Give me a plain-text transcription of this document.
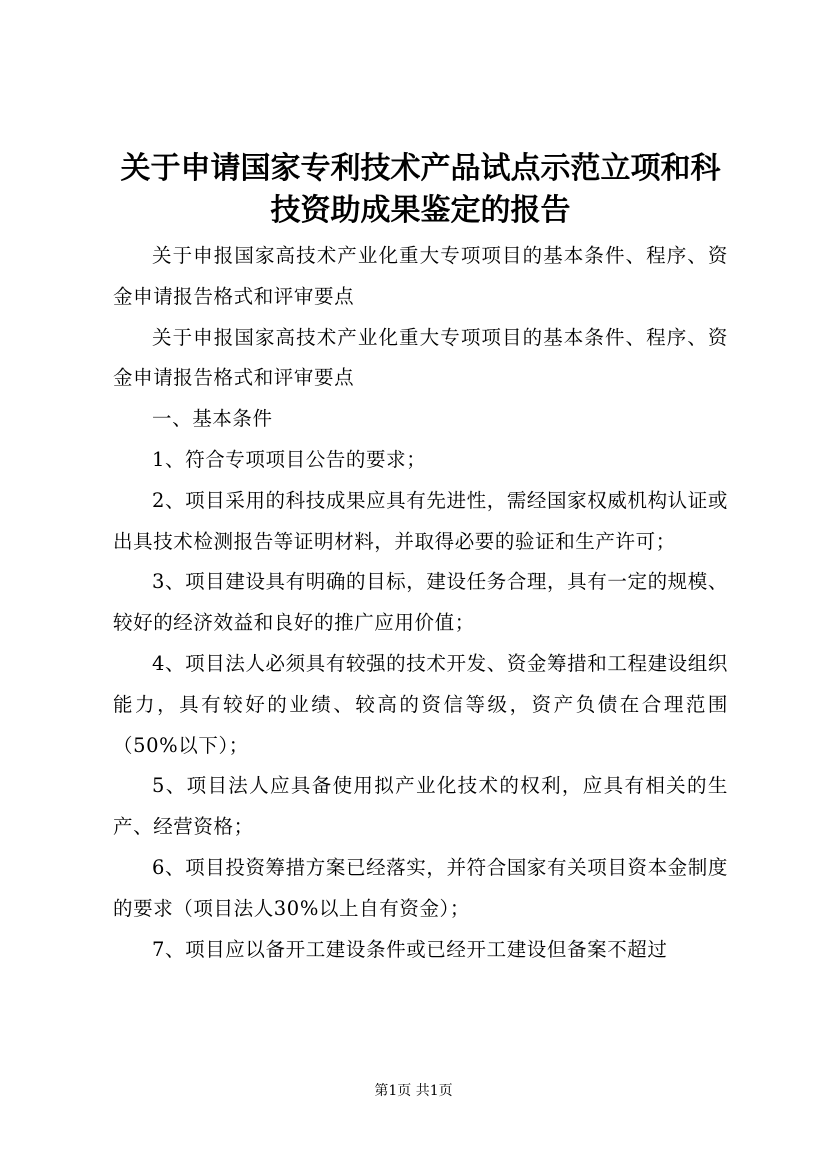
关于申请国家专利技术产品试点示范立项和科技资助成果鉴定的报告

关于申报国家高技术产业化重大专项项目的基本条件、程序、资金申请报告格式和评审要点

关于申报国家高技术产业化重大专项项目的基本条件、程序、资金申请报告格式和评审要点

一、基本条件

1、符合专项项目公告的要求；

2、项目采用的科技成果应具有先进性，需经国家权威机构认证或出具技术检测报告等证明材料，并取得必要的验证和生产许可；

3、项目建设具有明确的目标，建设任务合理，具有一定的规模、较好的经济效益和良好的推广应用价值；

4、项目法人必须具有较强的技术开发、资金筹措和工程建设组织能力，具有较好的业绩、较高的资信等级，资产负债在合理范围（50%以下）；

5、项目法人应具备使用拟产业化技术的权利，应具有相关的生产、经营资格；

6、项目投资筹措方案已经落实，并符合国家有关项目资本金制度的要求（项目法人30%以上自有资金）；

7、项目应以备开工建设条件或已经开工建设但备案不超过

第1页 共1页
